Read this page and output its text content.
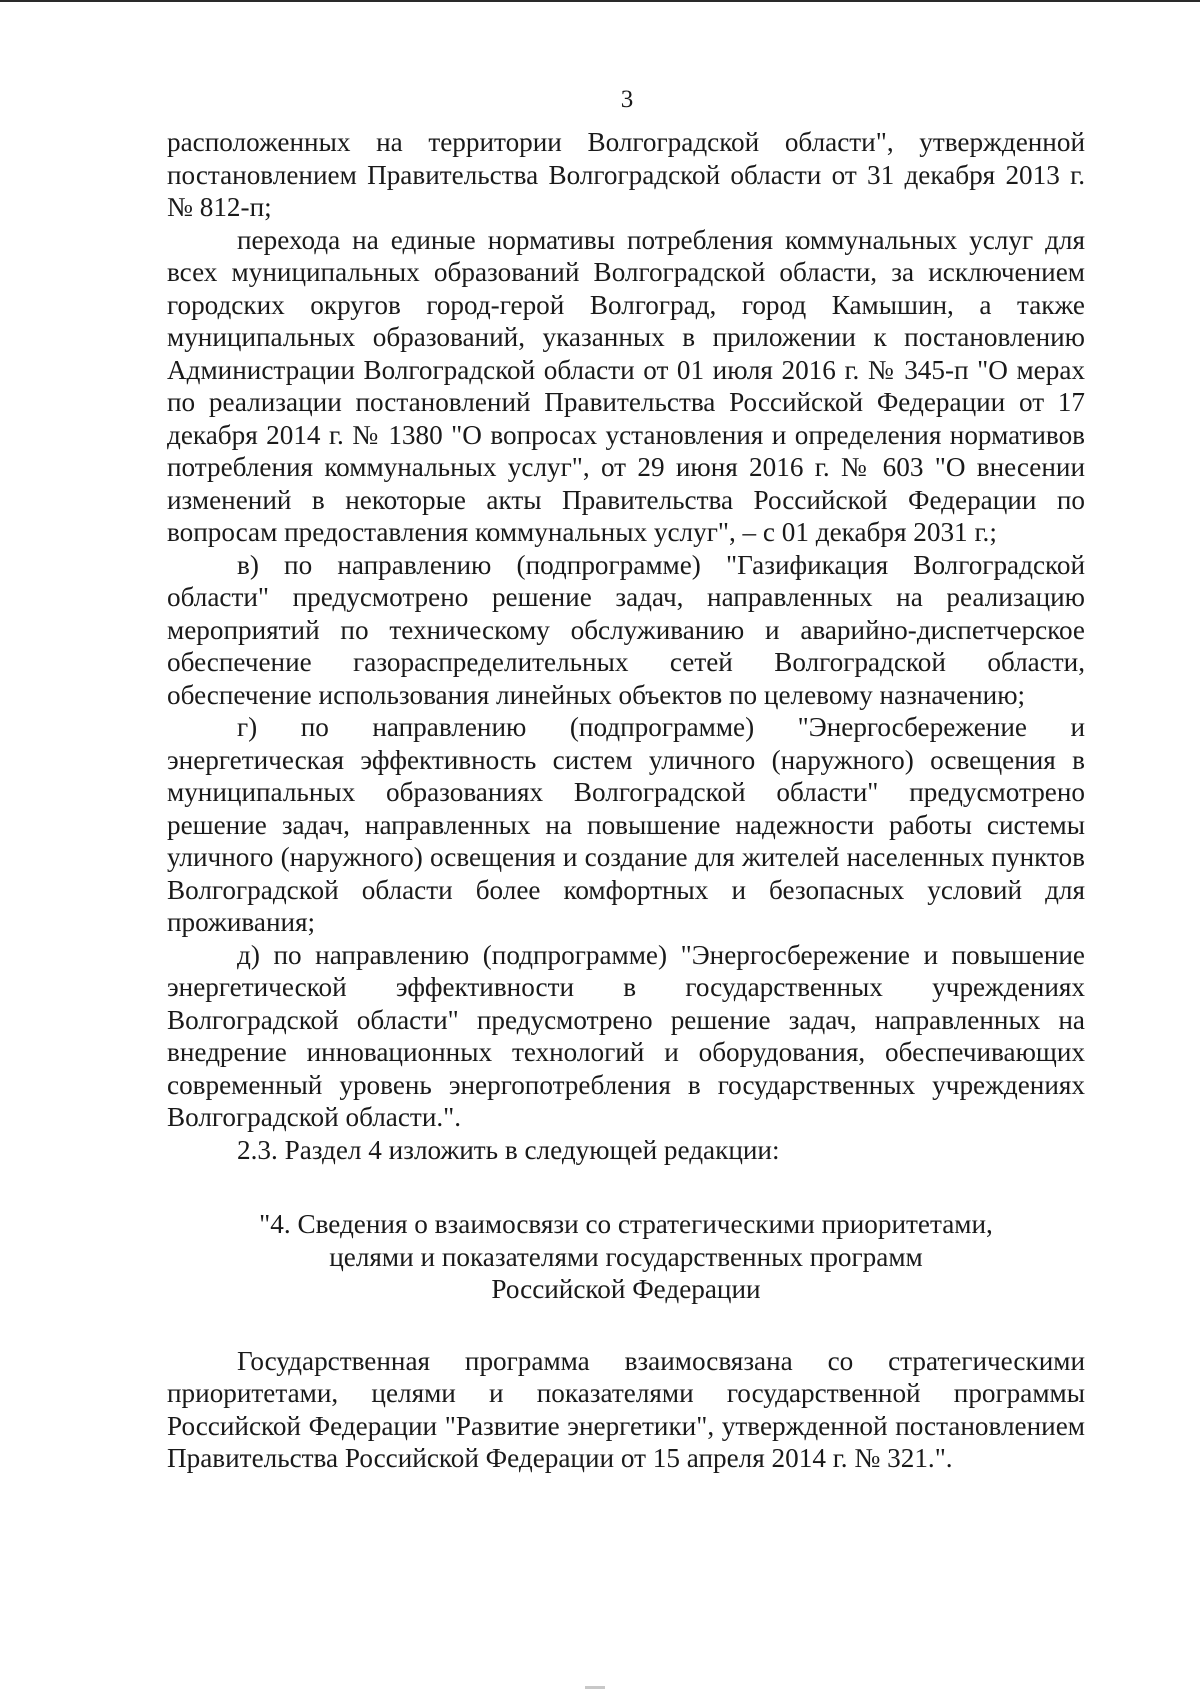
3

расположенных на территории Волгоградской области", утвержденной постановлением Правительства Волгоградской области от 31 декабря 2013 г. № 812-п;

перехода на единые нормативы потребления коммунальных услуг для всех муниципальных образований Волгоградской области, за исключением городских округов город-герой Волгоград, город Камышин, а также муниципальных образований, указанных в приложении к постановлению Администрации Волгоградской области от 01 июля 2016 г. № 345-п "О мерах по реализации постановлений Правительства Российской Федерации от 17 декабря 2014 г. № 1380 "О вопросах установления и определения нормативов потребления коммунальных услуг", от 29 июня 2016 г. № 603 "О внесении изменений в некоторые акты Правительства Российской Федерации по вопросам предоставления коммунальных услуг", – с 01 декабря 2031 г.;

в) по направлению (подпрограмме) "Газификация Волгоградской области" предусмотрено решение задач, направленных на реализацию мероприятий по техническому обслуживанию и аварийно-диспетчерское обеспечение газораспределительных сетей Волгоградской области, обеспечение использования линейных объектов по целевому назначению;

г) по направлению (подпрограмме) "Энергосбережение и энергетическая эффективность систем уличного (наружного) освещения в муниципальных образованиях Волгоградской области" предусмотрено решение задач, направленных на повышение надежности работы системы уличного (наружного) освещения и создание для жителей населенных пунктов Волгоградской области более комфортных и безопасных условий для проживания;

д) по направлению (подпрограмме) "Энергосбережение и повышение энергетической эффективности в государственных учреждениях Волгоградской области" предусмотрено решение задач, направленных на внедрение инновационных технологий и оборудования, обеспечивающих современный уровень энергопотребления в государственных учреждениях Волгоградской области.".

2.3. Раздел 4 изложить в следующей редакции:

"4. Сведения о взаимосвязи со стратегическими приоритетами,
целями и показателями государственных программ
Российской Федерации

Государственная программа взаимосвязана со стратегическими приоритетами, целями и показателями государственной программы Российской Федерации "Развитие энергетики", утвержденной постановлением Правительства Российской Федерации от 15 апреля 2014 г. № 321.".
